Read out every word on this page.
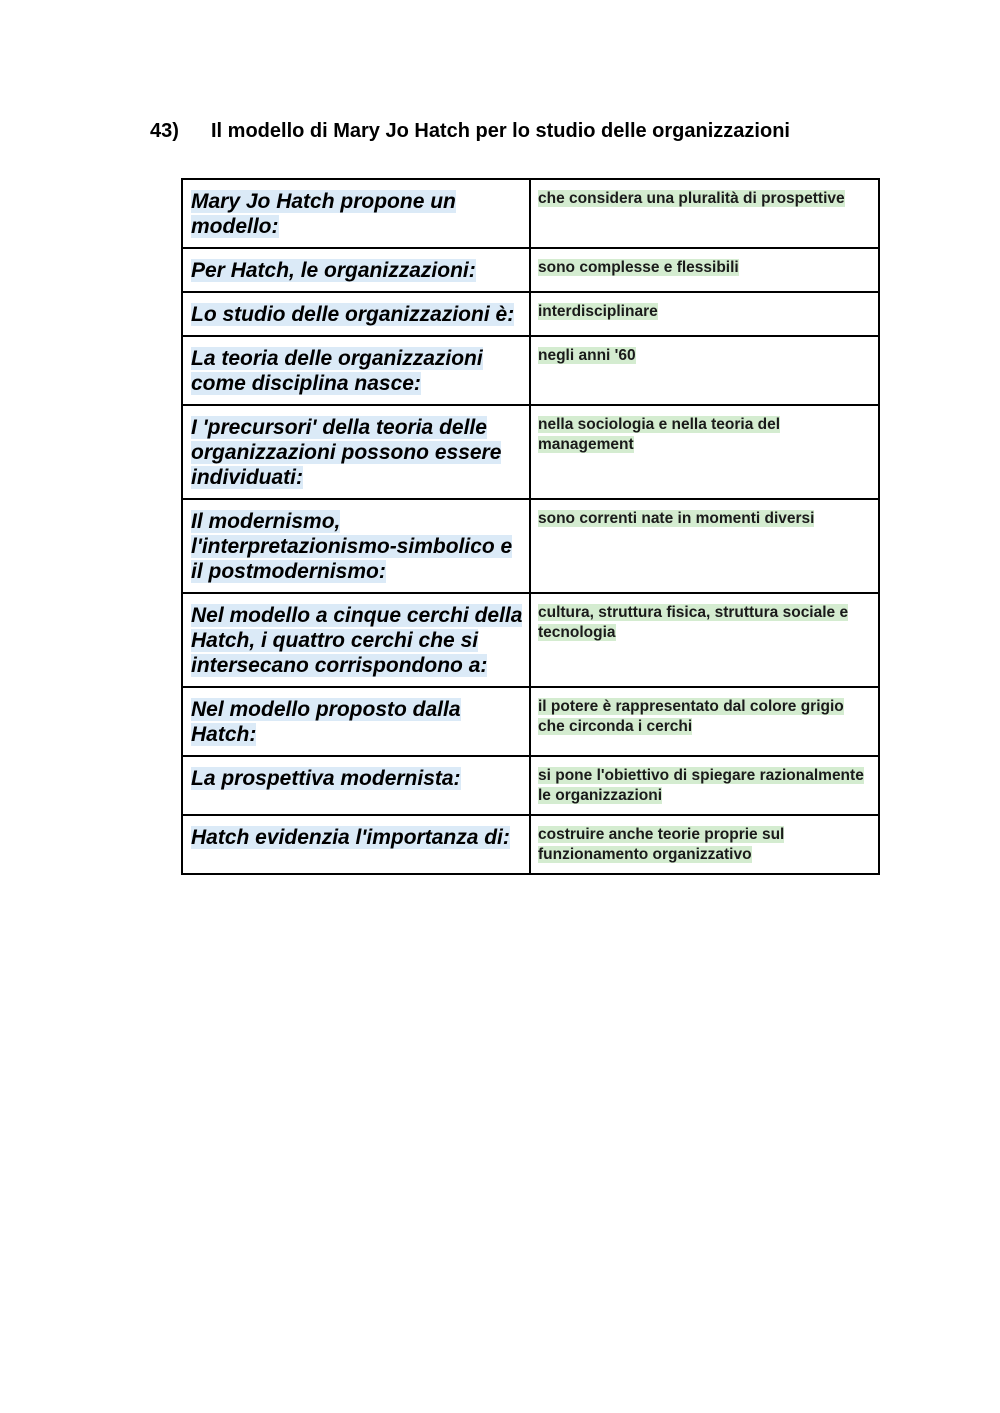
43) Il modello di Mary Jo Hatch per lo studio delle organizzazioni
Mary Jo Hatch propone un modello:	che considera una pluralità di prospettive
Per Hatch, le organizzazioni:	sono complesse e flessibili
Lo studio delle organizzazioni è:	interdisciplinare
La teoria delle organizzazioni come disciplina nasce:	negli anni '60
I 'precursori' della teoria delle organizzazioni possono essere individuati:	nella sociologia e nella teoria del management
Il modernismo, l'interpretazionismo-simbolico e il postmodernismo:	sono correnti nate in momenti diversi
Nel modello a cinque cerchi della Hatch, i quattro cerchi che si intersecano corrispondono a:	cultura, struttura fisica, struttura sociale e tecnologia
Nel modello proposto dalla Hatch:	il potere è rappresentato dal colore grigio che circonda i cerchi
La prospettiva modernista:	si pone l'obiettivo di spiegare razionalmente le organizzazioni
Hatch evidenzia l'importanza di:	costruire anche teorie proprie sul funzionamento organizzativo
